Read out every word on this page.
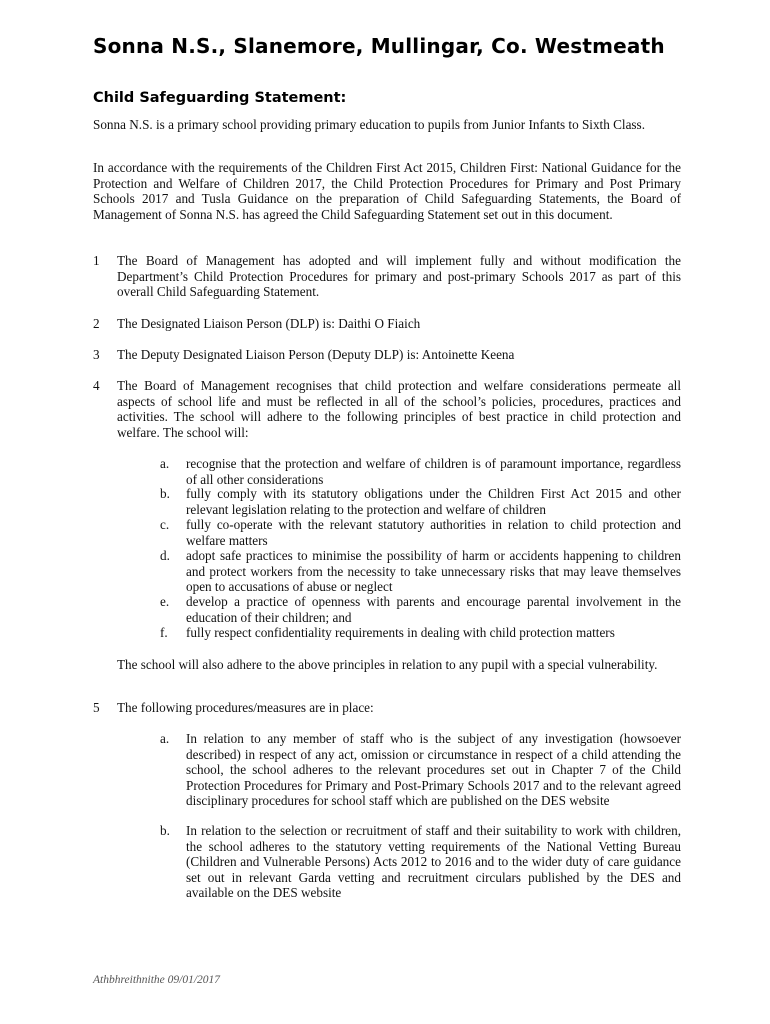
Sonna N.S., Slanemore, Mullingar, Co. Westmeath
Child Safeguarding Statement:

Sonna N.S. is a primary school providing primary education to pupils from Junior Infants to Sixth Class.

In accordance with the requirements of the Children First Act 2015, Children First: National Guidance for the Protection and Welfare of Children 2017, the Child Protection Procedures for Primary and Post Primary Schools 2017 and Tusla Guidance on the preparation of Child Safeguarding Statements, the Board of Management of Sonna N.S. has agreed the Child Safeguarding Statement set out in this document.

1 The Board of Management has adopted and will implement fully and without modification the Department’s Child Protection Procedures for primary and post-primary Schools 2017 as part of this overall Child Safeguarding Statement.

2 The Designated Liaison Person (DLP) is: Daithi O Fiaich

3 The Deputy Designated Liaison Person (Deputy DLP) is: Antoinette Keena

4 The Board of Management recognises that child protection and welfare considerations permeate all aspects of school life and must be reflected in all of the school’s policies, procedures, practices and activities. The school will adhere to the following principles of best practice in child protection and welfare. The school will:

a.	recognise that the protection and welfare of children is of paramount importance, regardless of all other considerations

b.	fully comply with its statutory obligations under the Children First Act 2015 and other relevant legislation relating to the protection and welfare of children

c.	fully co-operate with the relevant statutory authorities in relation to child protection and welfare matters

d.	adopt safe practices to minimise the possibility of harm or accidents happening to children and protect workers from the necessity to take unnecessary risks that may leave themselves open to accusations of abuse or neglect

e.	develop a practice of openness with parents and encourage parental involvement in the education of their children; and

f.	fully respect confidentiality requirements in dealing with child protection matters

The school will also adhere to the above principles in relation to any pupil with a special vulnerability.

5 The following procedures/measures are in place:

a.	In relation to any member of staff who is the subject of any investigation (howsoever described) in respect of any act, omission or circumstance in respect of a child attending the school, the school adheres to the relevant procedures set out in Chapter 7 of the Child Protection Procedures for Primary and Post-Primary Schools 2017 and to the relevant agreed disciplinary procedures for school staff which are published on the DES website

b.	In relation to the selection or recruitment of staff and their suitability to work with children, the school adheres to the statutory vetting requirements of the National Vetting Bureau (Children and Vulnerable Persons) Acts 2012 to 2016 and to the wider duty of care guidance set out in relevant Garda vetting and recruitment circulars published by the DES and available on the DES website

Athbhreithnithe 09/01/2017
